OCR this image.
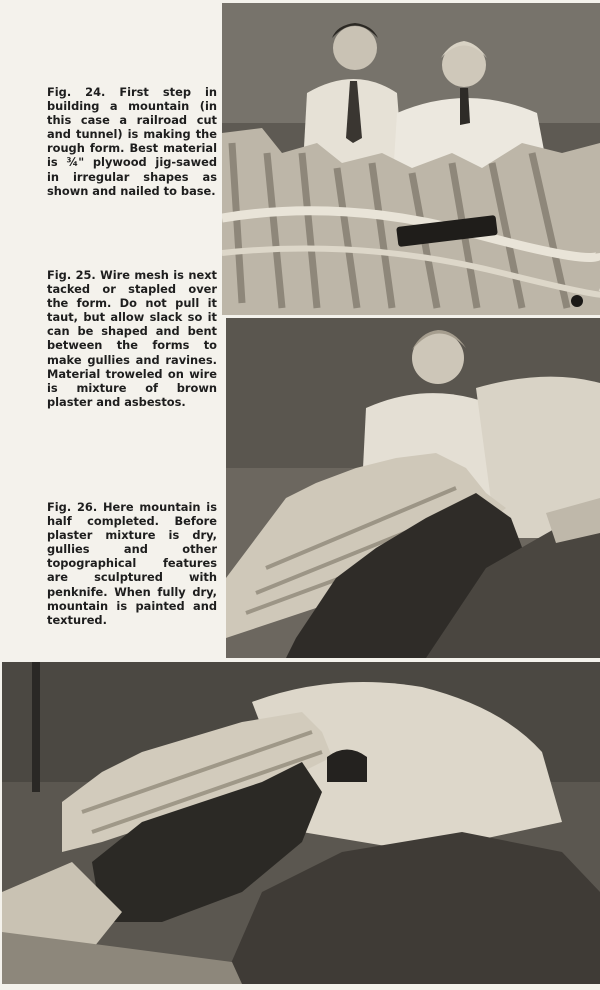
Fig. 24. First step in building a mountain (in this case a railroad cut and tunnel) is making the rough form. Best material is ¾" plywood jig-sawed in irregular shapes as shown and nailed to base.

Fig. 25. Wire mesh is next tacked or stapled over the form. Do not pull it taut, but allow slack so it can be shaped and bent between the forms to make gullies and ravines. Material troweled on wire is mixture of brown plaster and asbestos.

Fig. 26. Here mountain is half completed. Before plaster mixture is dry, gullies and other topographical features are sculptured with penknife. When fully dry, mountain is painted and textured.
